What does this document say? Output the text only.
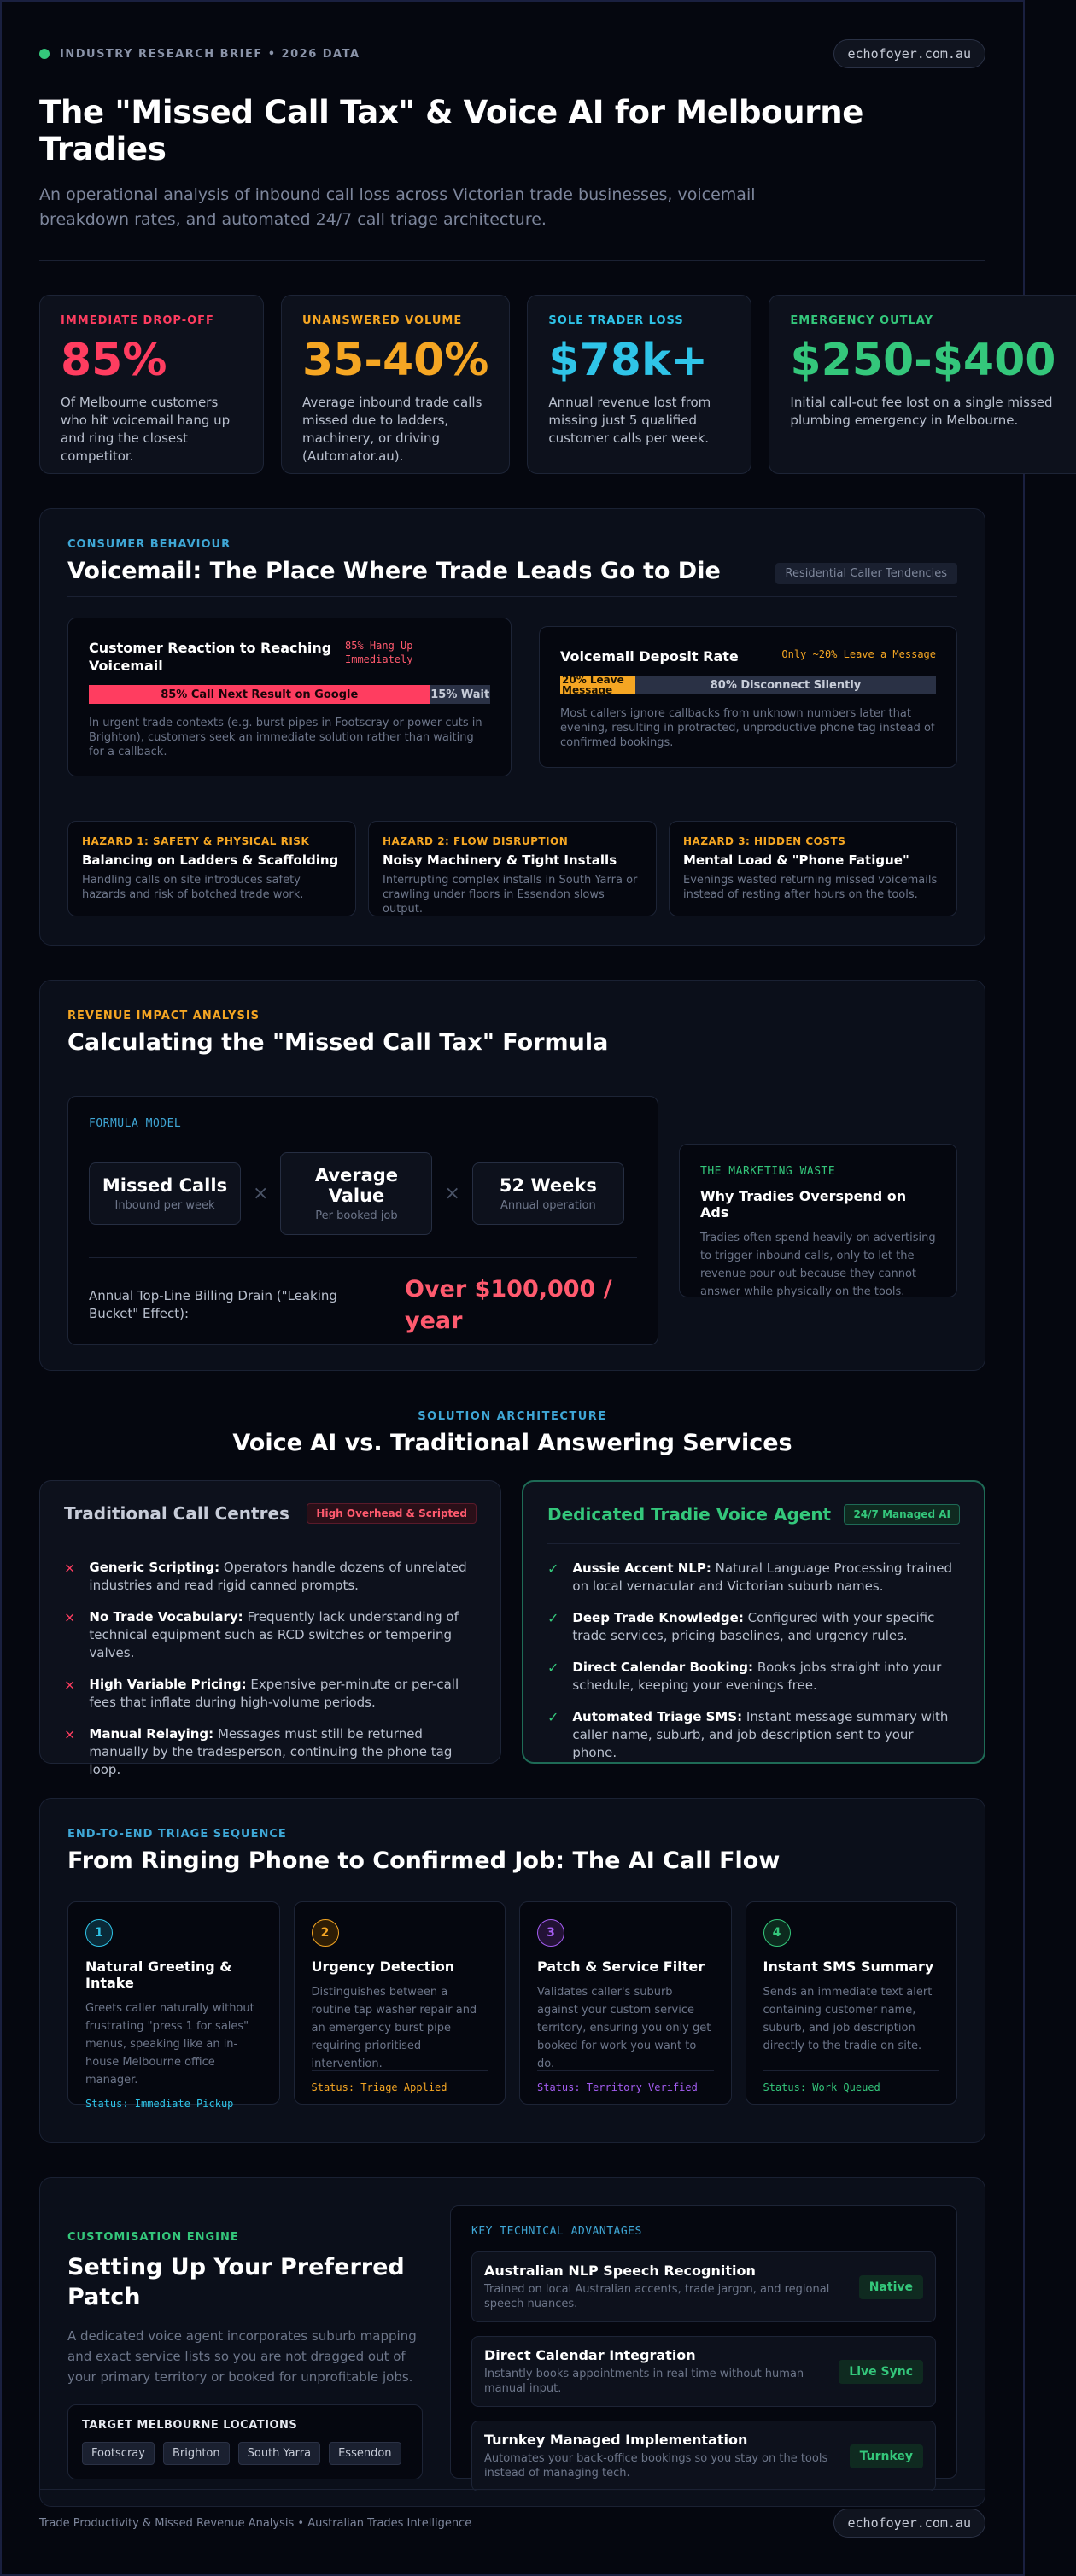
INDUSTRY RESEARCH BRIEF • 2026 DATA	echofoyer.com.au
The "Missed Call Tax" & Voice AI for Melbourne Tradies

An operational analysis of inbound call loss across Victorian trade businesses, voicemail breakdown rates, and automated 24/7 call triage architecture.

IMMEDIATE DROP-OFF
85%
Of Melbourne customers who hit voicemail hang up and ring the closest competitor.
UNANSWERED VOLUME
35-40%
Average inbound trade calls missed due to ladders, machinery, or driving (Automator.au).
SOLE TRADER LOSS
$78k+
Annual revenue lost from missing just 5 qualified customer calls per week.
EMERGENCY OUTLAY
$250-$400
Initial call-out fee lost on a single missed plumbing emergency in Melbourne.
CONSUMER BEHAVIOUR
Voicemail: The Place Where Trade Leads Go to Die	Residential Caller Tendencies
Customer Reaction to Reaching Voicemail
85% Hang Up Immediately
85% Call Next Result on Google	15% Wait

In urgent trade contexts (e.g. burst pipes in Footscray or power cuts in Brighton), customers seek an immediate solution rather than waiting for a callback.

Voicemail Deposit Rate	Only ~20% Leave a Message
20% Leave Message	80% Disconnect Silently

Most callers ignore callbacks from unknown numbers later that evening, resulting in protracted, unproductive phone tag instead of confirmed bookings.

HAZARD 1: SAFETY & PHYSICAL RISK
Balancing on Ladders & Scaffolding
Handling calls on site introduces safety hazards and risk of botched trade work.
HAZARD 2: FLOW DISRUPTION
Noisy Machinery & Tight Installs
Interrupting complex installs in South Yarra or crawling under floors in Essendon slows output.
HAZARD 3: HIDDEN COSTS
Mental Load & "Phone Fatigue"
Evenings wasted returning missed voicemails instead of resting after hours on the tools.
REVENUE IMPACT ANALYSIS
Calculating the "Missed Call Tax" Formula
FORMULA MODEL
Missed Calls
Inbound per week
×
Average Value
Per booked job
×	52 Weeks
Annual operation
Annual Top-Line Billing Drain ("Leaking Bucket" Effect):
Over $100,000 / year
THE MARKETING WASTE
Why Tradies Overspend on Ads
Tradies often spend heavily on advertising to trigger inbound calls, only to let the revenue pour out because they cannot answer while physically on the tools.
SOLUTION ARCHITECTURE
Voice AI vs. Traditional Answering Services
Traditional Call Centres	High Overhead & Scripted
× Generic Scripting: Operators handle dozens of unrelated industries and read rigid canned prompts.
× No Trade Vocabulary: Frequently lack understanding of technical equipment such as RCD switches or tempering valves.
× High Variable Pricing: Expensive per-minute or per-call fees that inflate during high-volume periods.
× Manual Relaying: Messages must still be returned manually by the tradesperson, continuing the phone tag loop.
Dedicated Tradie Voice Agent	24/7 Managed AI
✓ Aussie Accent NLP: Natural Language Processing trained on local vernacular and Victorian suburb names.
✓ Deep Trade Knowledge: Configured with your specific trade services, pricing baselines, and urgency rules.
✓ Direct Calendar Booking: Books jobs straight into your schedule, keeping your evenings free.
✓ Automated Triage SMS: Instant message summary with caller name, suburb, and job description sent to your phone.
END-TO-END TRIAGE SEQUENCE
From Ringing Phone to Confirmed Job: The AI Call Flow
1
Natural Greeting & Intake
Greets caller naturally without frustrating "press 1 for sales" menus, speaking like an in-house Melbourne office manager.
Status: Immediate Pickup
2
Urgency Detection
Distinguishes between a routine tap washer repair and an emergency burst pipe requiring prioritised intervention.
Status: Triage Applied
3
Patch & Service Filter
Validates caller's suburb against your custom service territory, ensuring you only get booked for work you want to do.
Status: Territory Verified
4
Instant SMS Summary
Sends an immediate text alert containing customer name, suburb, and job description directly to the tradie on site.
Status: Work Queued
CUSTOMISATION ENGINE
Setting Up Your Preferred Patch

A dedicated voice agent incorporates suburb mapping and exact service lists so you are not dragged out of your primary territory or booked for unprofitable jobs.

TARGET MELBOURNE LOCATIONS
Footscray	Brighton	South Yarra	Essendon
KEY TECHNICAL ADVANTAGES
Australian NLP Speech Recognition
Trained on local Australian accents, trade jargon, and regional speech nuances.
Native
Direct Calendar Integration
Instantly books appointments in real time without human manual input.
Live Sync
Turnkey Managed Implementation
Automates your back-office bookings so you stay on the tools instead of managing tech.
Turnkey
Trade Productivity & Missed Revenue Analysis • Australian Trades Intelligence	echofoyer.com.au
